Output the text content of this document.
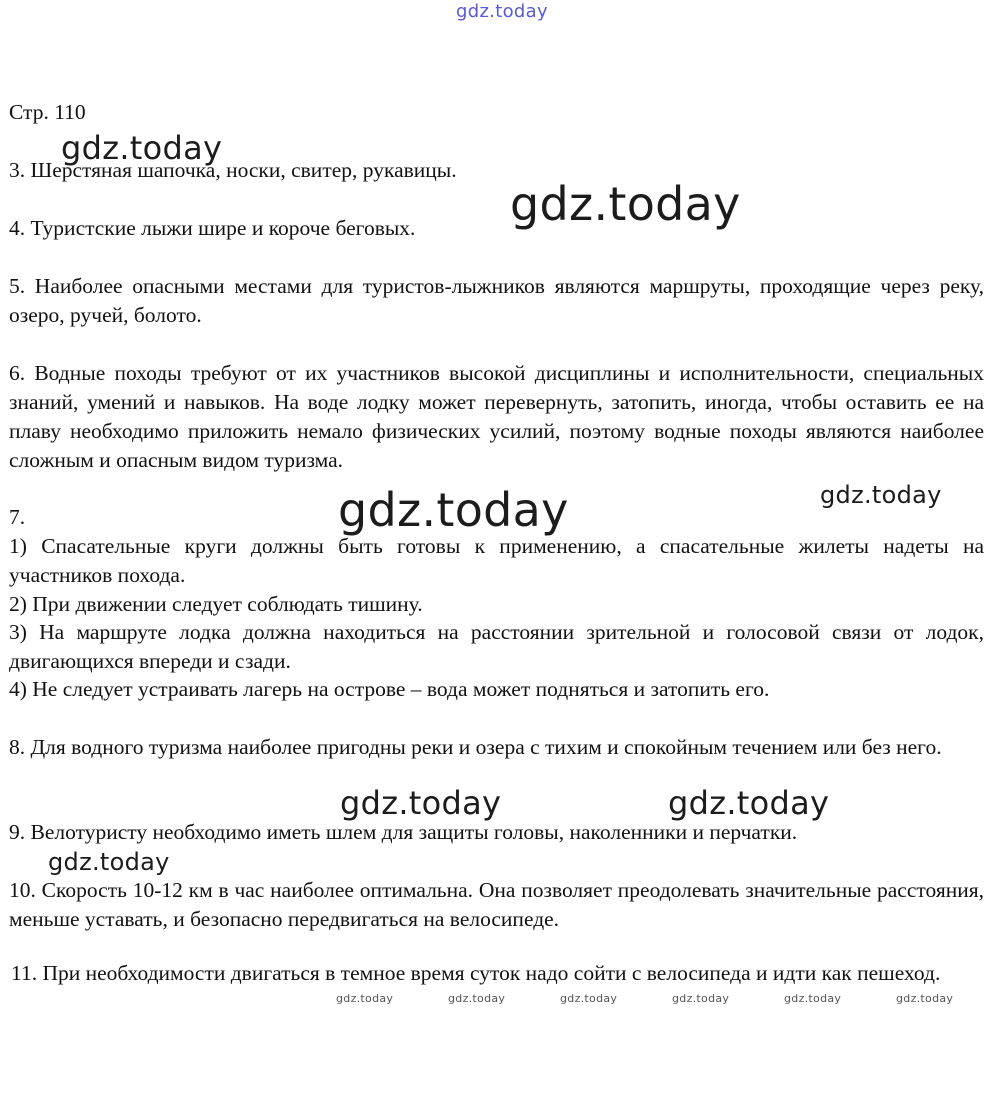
gdz.today
gdz.today
gdz.today
gdz.today	gdz.today
gdz.today	gdz.today
gdz.today
gdz.today	gdz.today	gdz.today	gdz.today	gdz.today	gdz.today
Стр. 110
3. Шерстяная шапочка, носки, свитер, рукавицы.
4. Туристские лыжи шире и короче беговых.
5. Наиболее опасными местами для туристов-лыжников являются маршруты, проходящие через реку, озеро, ручей, болото.
6. Водные походы требуют от их участников высокой дисциплины и исполнительности, специальных знаний, умений и навыков. На воде лодку может перевернуть, затопить, иногда, чтобы оставить ее на плаву необходимо приложить немало физических усилий, поэтому водные походы являются наиболее сложным и опасным видом туризма.
7.
1) Спасательные круги должны быть готовы к применению, а спасательные жилеты надеты на участников похода.
2) При движении следует соблюдать тишину.
3) На маршруте лодка должна находиться на расстоянии зрительной и голосовой связи от лодок, двигающихся впереди и сзади.
4) Не следует устраивать лагерь на острове – вода может подняться и затопить его.
8. Для водного туризма наиболее пригодны реки и озера с тихим и спокойным течением или без него.
9. Велотуристу необходимо иметь шлем для защиты головы, наколенники и перчатки.
10. Скорость 10-12 км в час наиболее оптимальна. Она позволяет преодолевать значительные расстояния, меньше уставать, и безопасно передвигаться на велосипеде.
11. При необходимости двигаться в темное время суток надо сойти с велосипеда и идти как пешеход.
